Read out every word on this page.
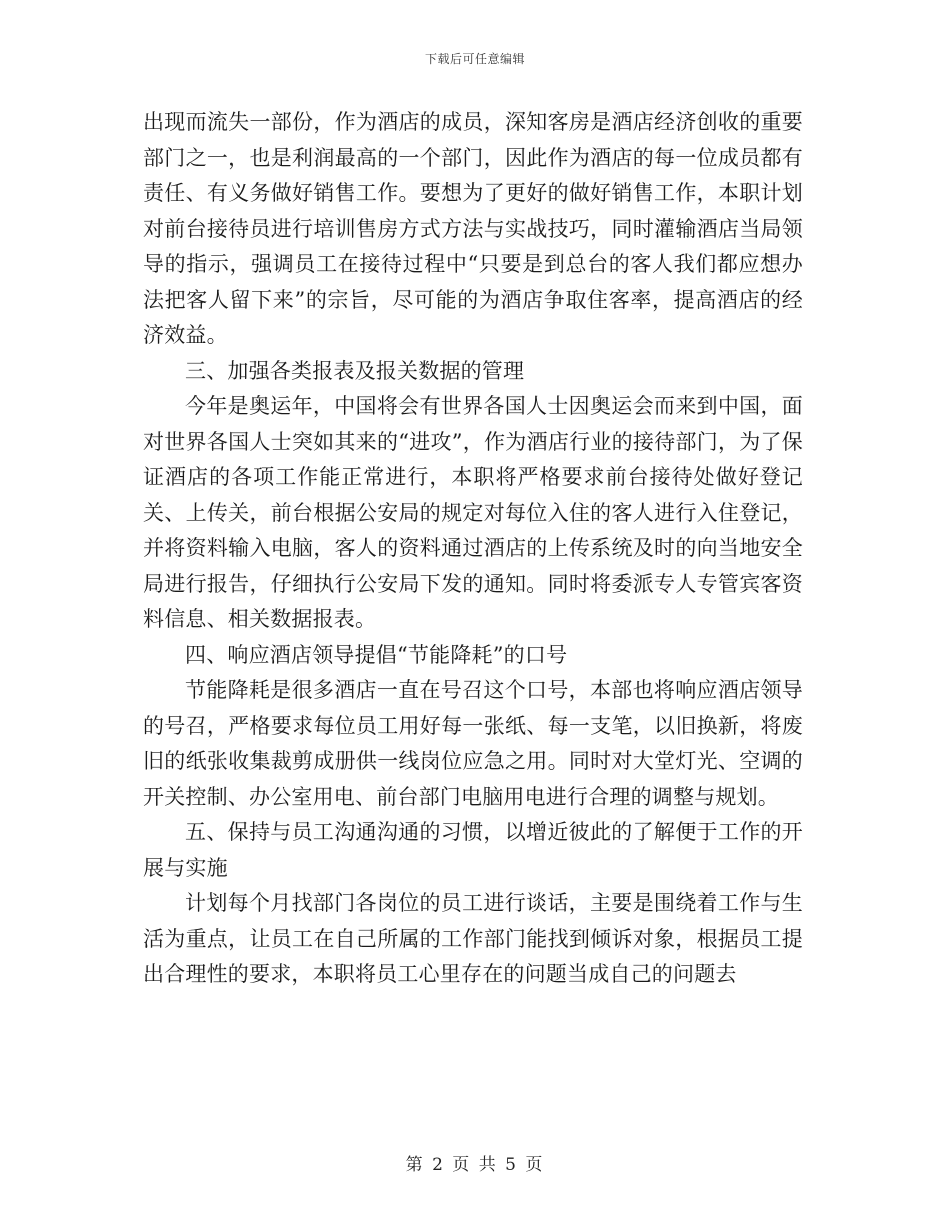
下载后可任意编辑

出现而流失一部份，作为酒店的成员，深知客房是酒店经济创收的重要部门之一，也是利润最高的一个部门，因此作为酒店的每一位成员都有责任、有义务做好销售工作。要想为了更好的做好销售工作，本职计划对前台接待员进行培训售房方式方法与实战技巧，同时灌输酒店当局领导的指示，强调员工在接待过程中“只要是到总台的客人我们都应想办法把客人留下来”的宗旨，尽可能的为酒店争取住客率，提高酒店的经济效益。

三、加强各类报表及报关数据的管理

今年是奥运年，中国将会有世界各国人士因奥运会而来到中国，面对世界各国人士突如其来的“进攻”，作为酒店行业的接待部门，为了保证酒店的各项工作能正常进行，本职将严格要求前台接待处做好登记关、上传关，前台根据公安局的规定对每位入住的客人进行入住登记，并将资料输入电脑，客人的资料通过酒店的上传系统及时的向当地安全局进行报告，仔细执行公安局下发的通知。同时将委派专人专管宾客资料信息、相关数据报表。

四、响应酒店领导提倡“节能降耗”的口号

节能降耗是很多酒店一直在号召这个口号，本部也将响应酒店领导的号召，严格要求每位员工用好每一张纸、每一支笔，以旧换新，将废旧的纸张收集裁剪成册供一线岗位应急之用。同时对大堂灯光、空调的开关控制、办公室用电、前台部门电脑用电进行合理的调整与规划。

五、保持与员工沟通沟通的习惯，以增近彼此的了解便于工作的开展与实施

计划每个月找部门各岗位的员工进行谈话，主要是围绕着工作与生活为重点，让员工在自己所属的工作部门能找到倾诉对象，根据员工提出合理性的要求，本职将员工心里存在的问题当成自己的问题去

第 2 页 共 5 页
